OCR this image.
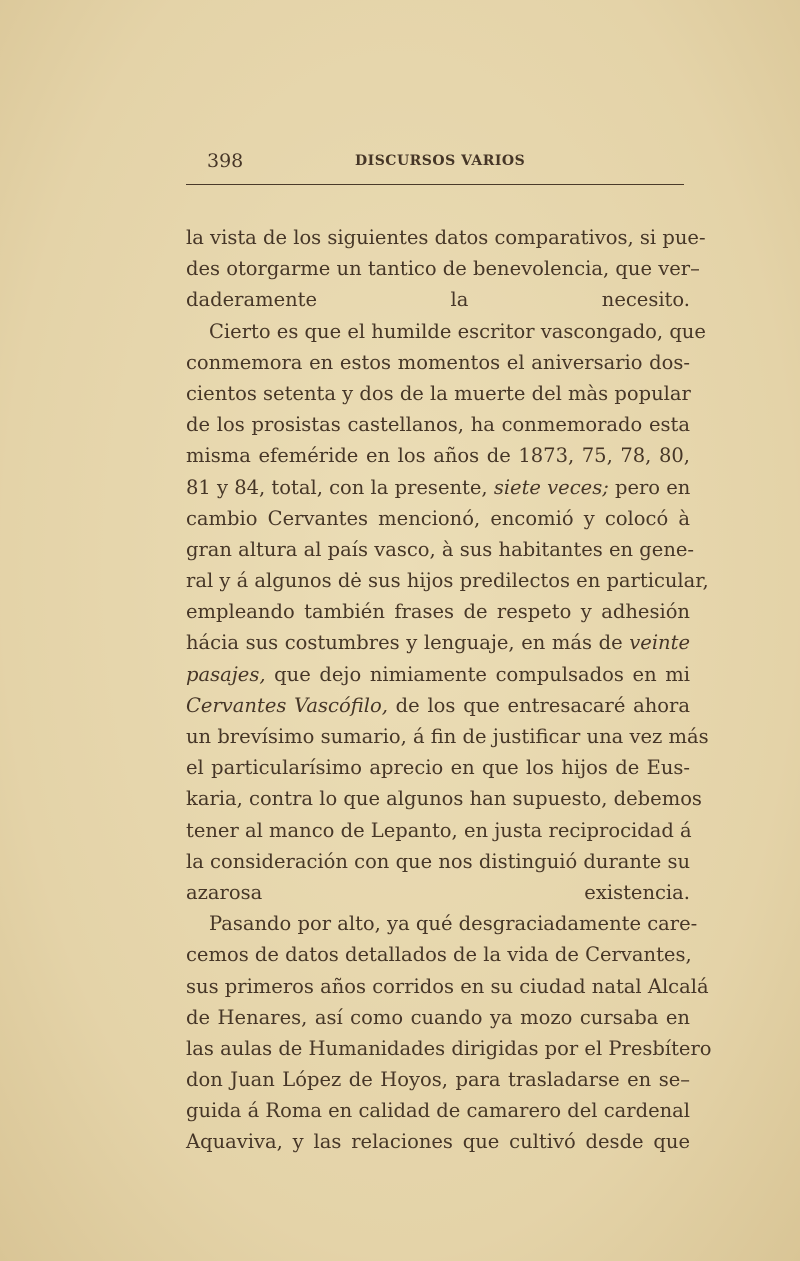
398	DISCURSOS VARIOS
la vista de los siguientes datos comparativos, si pue-
des otorgarme un tantico de benevolencia, que ver–
daderamente la necesito.
Cierto es que el humilde escritor vascongado, que
conmemora en estos momentos el aniversario dos-
cientos setenta y dos de la muerte del màs popular
de los prosistas castellanos, ha conmemorado esta
misma efeméride en los años de 1873, 75, 78, 80,
81 y 84, total, con la presente, siete veces; pero en
cambio Cervantes mencionó, encomió y colocó à
gran altura al país vasco, à sus habitantes en gene-
ral y á algunos dė sus hijos predilectos en particular,
empleando también frases de respeto y adhesión
hácia sus costumbres y lenguaje, en más de veinte
pasajes, que dejo nimiamente compulsados en mi
Cervantes Vascófilo, de los que entresacaré ahora
un brevísimo sumario, á fin de justificar una vez más
el particularísimo aprecio en que los hijos de Eus-
karia, contra lo que algunos han supuesto, debemos
tener al manco de Lepanto, en justa reciprocidad á
la consideración con que nos distinguió durante su
azarosa existencia.
Pasando por alto, ya qué desgraciadamente care-
cemos de datos detallados de la vida de Cervantes,
sus primeros años corridos en su ciudad natal Alcalá
de Henares, así como cuando ya mozo cursaba en
las aulas de Humanidades dirigidas por el Presbítero
don Juan López de Hoyos, para trasladarse en se–
guida á Roma en calidad de camarero del cardenal
Aquaviva, y las relaciones que cultivó desde que
